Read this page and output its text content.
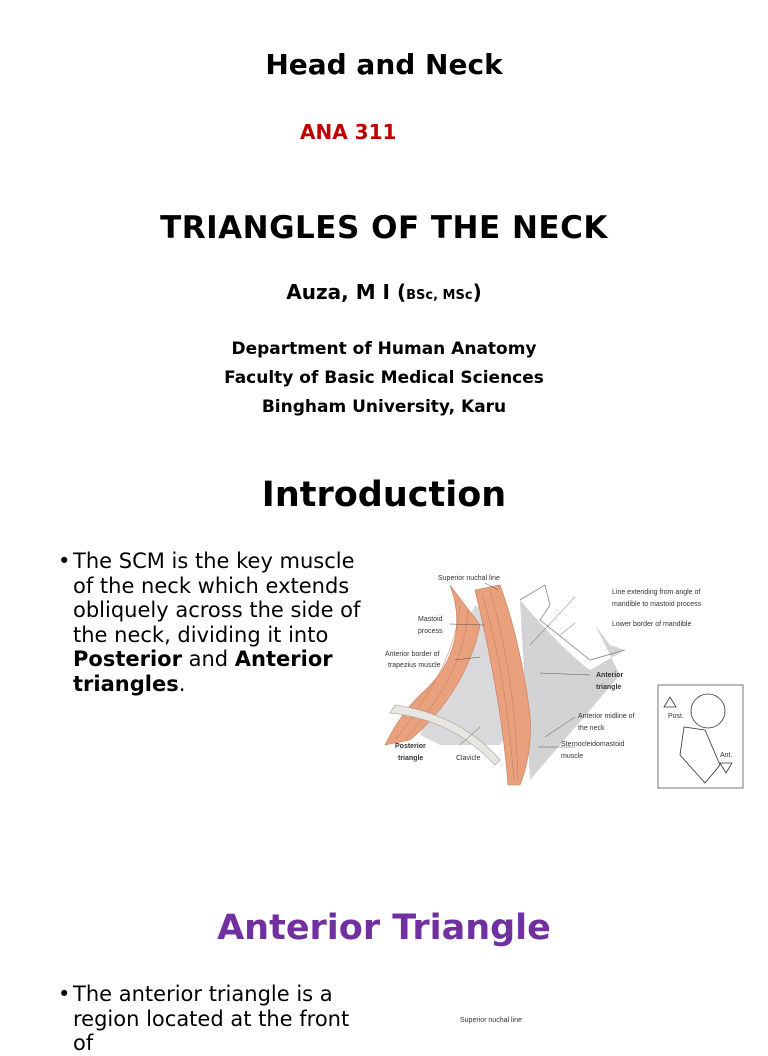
Head and Neck
ANA 311
TRIANGLES OF THE NECK
Auza, M I (BSc, MSc)
Department of Human Anatomy
Faculty of Basic Medical Sciences
Bingham University, Karu
Introduction
• The SCM is the key muscle of the neck which extends obliquely across the side of the neck, dividing it into Posterior and Anterior triangles.
Superior nuchal line
Mastoid
process
Anterior border of
trapezius muscle
Posterior
triangle	Clavicle
Line extending from angle of
mandible to mastoid process
Lower border of mandible
Anterior
triangle
Anterior midline of
the neck
Sternocleidomastoid
muscle
Post.
Ant.
Anterior Triangle
• The anterior triangle is a
region located at the front of
Superior nuchal line
